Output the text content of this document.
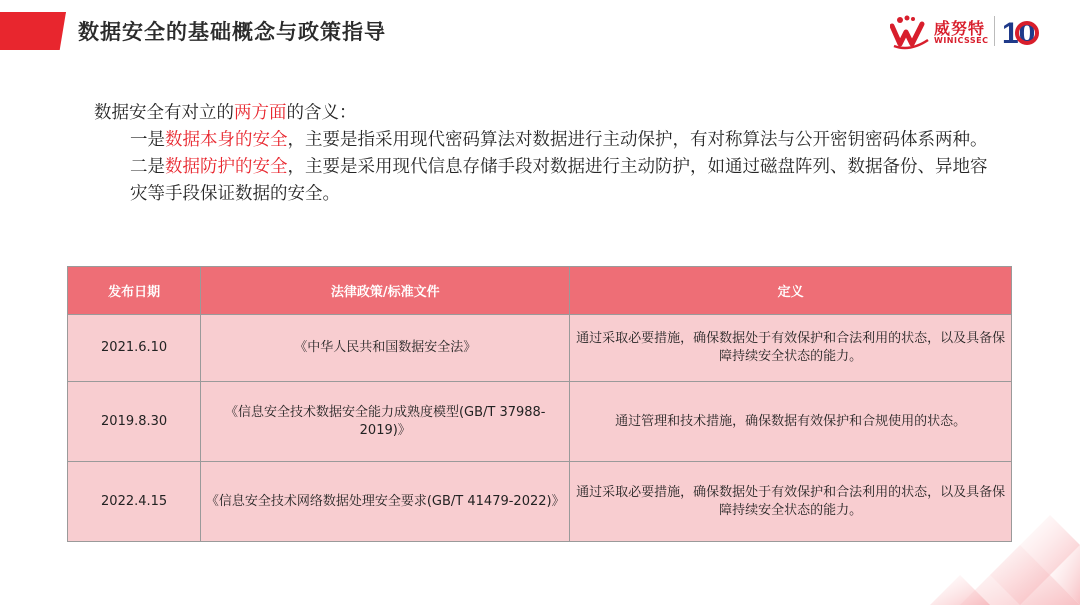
数据安全的基础概念与政策指导	威努特
WINICSSEC 10

数据安全有对立的两方面的含义：

一是数据本身的安全，主要是指采用现代密码算法对数据进行主动保护，有对称算法与公开密钥密码体系两种。

二是数据防护的安全，主要是采用现代信息存储手段对数据进行主动防护，如通过磁盘阵列、数据备份、异地容灾等手段保证数据的安全。

发布日期	法律政策/标准文件	定义
2021.6.10	《中华人民共和国数据安全法》	通过采取必要措施，确保数据处于有效保护和合法利用的状态，以及具备保障持续安全状态的能力。
2019.8.30	《信息安全技术数据安全能力成熟度模型(GB/T 37988-2019)》	通过管理和技术措施，确保数据有效保护和合规使用的状态。
2022.4.15	《信息安全技术网络数据处理安全要求(GB/T 41479-2022)》	通过采取必要措施，确保数据处于有效保护和合法利用的状态，以及具备保障持续安全状态的能力。
